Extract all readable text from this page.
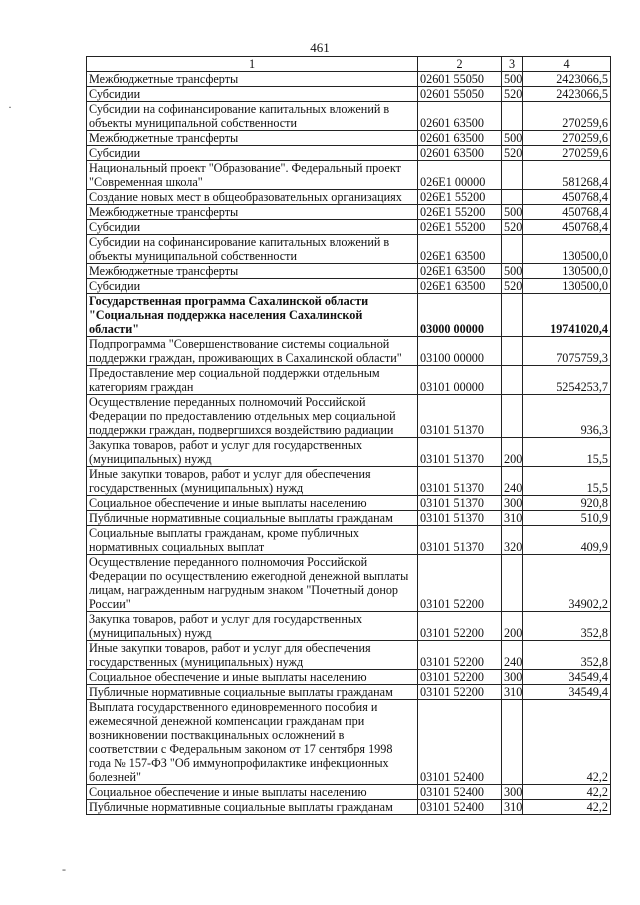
461
1	2	3	4
Межбюджетные трансферты	02601 55050	500	2423066,5
Субсидии	02601 55050	520	2423066,5
Субсидии на софинансирование капитальных вложений в объекты муниципальной собственности	02601 63500		270259,6
Межбюджетные трансферты	02601 63500	500	270259,6
Субсидии	02601 63500	520	270259,6
Национальный проект "Образование". Федеральный проект "Современная школа"	026E1 00000		581268,4
Создание новых мест в общеобразовательных организациях	026E1 55200		450768,4
Межбюджетные трансферты	026E1 55200	500	450768,4
Субсидии	026E1 55200	520	450768,4
Субсидии на софинансирование капитальных вложений в объекты муниципальной собственности	026E1 63500		130500,0
Межбюджетные трансферты	026E1 63500	500	130500,0
Субсидии	026E1 63500	520	130500,0
Государственная программа Сахалинской области "Социальная поддержка населения Сахалинской области"	03000 00000		19741020,4
Подпрограмма "Совершенствование системы социальной поддержки граждан, проживающих в Сахалинской области"	03100 00000		7075759,3
Предоставление мер социальной поддержки отдельным категориям граждан	03101 00000		5254253,7
Осуществление переданных полномочий Российской Федерации по предоставлению отдельных мер социальной поддержки граждан, подвергшихся воздействию радиации	03101 51370		936,3
Закупка товаров, работ и услуг для государственных (муниципальных) нужд	03101 51370	200	15,5
Иные закупки товаров, работ и услуг для обеспечения государственных (муниципальных) нужд	03101 51370	240	15,5
Социальное обеспечение и иные выплаты населению	03101 51370	300	920,8
Публичные нормативные социальные выплаты гражданам	03101 51370	310	510,9
Социальные выплаты гражданам, кроме публичных нормативных социальных выплат	03101 51370	320	409,9
Осуществление переданного полномочия Российской Федерации по осуществлению ежегодной денежной выплаты лицам, награжденным нагрудным знаком "Почетный донор России"	03101 52200		34902,2
Закупка товаров, работ и услуг для государственных (муниципальных) нужд	03101 52200	200	352,8
Иные закупки товаров, работ и услуг для обеспечения государственных (муниципальных) нужд	03101 52200	240	352,8
Социальное обеспечение и иные выплаты населению	03101 52200	300	34549,4
Публичные нормативные социальные выплаты гражданам	03101 52200	310	34549,4
Выплата государственного единовременного пособия и ежемесячной денежной компенсации гражданам при возникновении поствакцинальных осложнений в соответствии с Федеральным законом от 17 сентября 1998 года № 157-ФЗ "Об иммунопрофилактике инфекционных болезней"	03101 52400		42,2
Социальное обеспечение и иные выплаты населению	03101 52400	300	42,2
Публичные нормативные социальные выплаты гражданам	03101 52400	310	42,2
·
-
